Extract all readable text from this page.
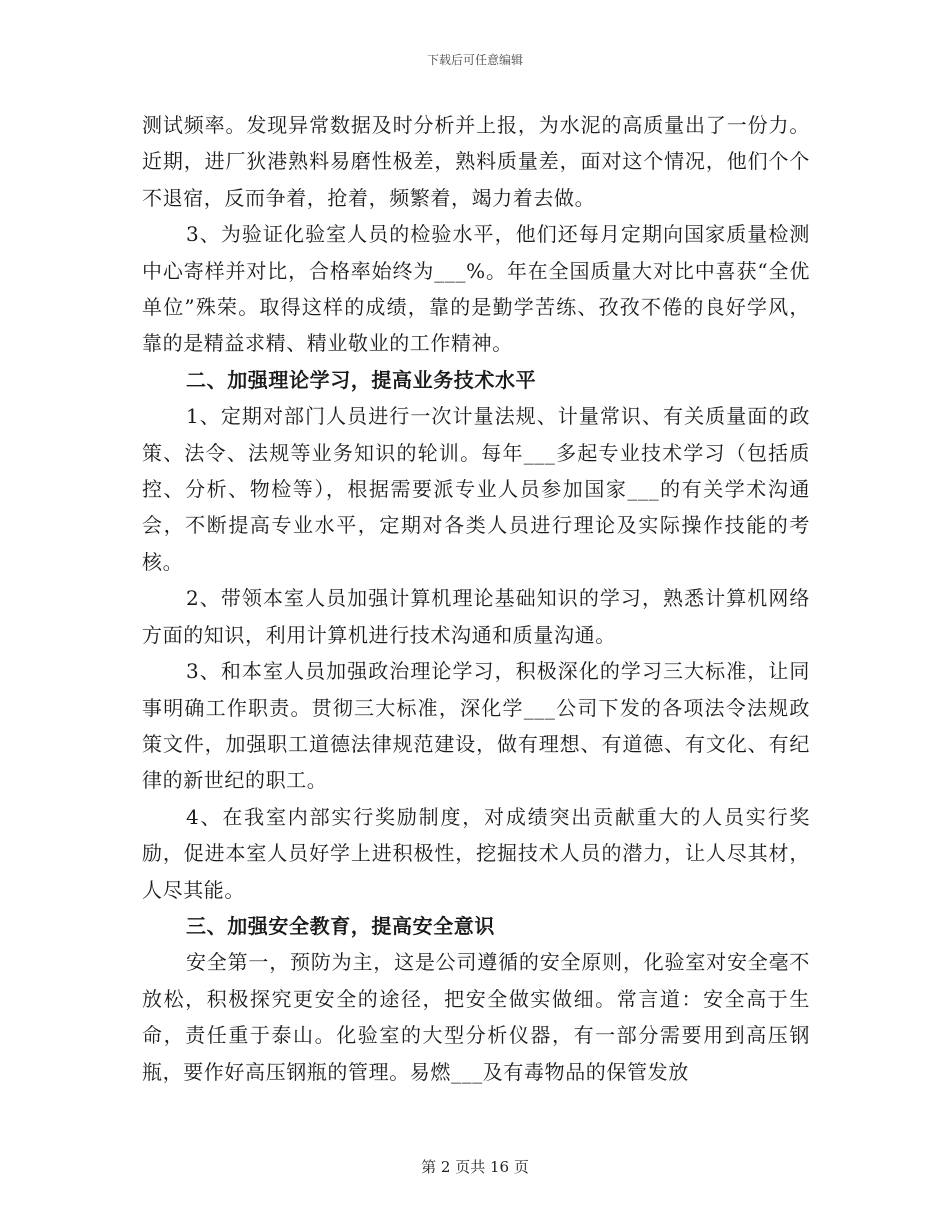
下载后可任意编辑

测试频率。发现异常数据及时分析并上报，为水泥的高质量出了一份力。近期，进厂狄港熟料易磨性极差，熟料质量差，面对这个情况，他们个个不退宿，反而争着，抢着，频繁着，竭力着去做。

3、为验证化验室人员的检验水平，他们还每月定期向国家质量检测中心寄样并对比，合格率始终为___%。年在全国质量大对比中喜获“全优单位”殊荣。取得这样的成绩，靠的是勤学苦练、孜孜不倦的良好学风，靠的是精益求精、精业敬业的工作精神。

二、加强理论学习，提高业务技术水平

1、定期对部门人员进行一次计量法规、计量常识、有关质量面的政策、法令、法规等业务知识的轮训。每年___多起专业技术学习（包括质控、分析、物检等），根据需要派专业人员参加国家___的有关学术沟通会，不断提高专业水平，定期对各类人员进行理论及实际操作技能的考核。

2、带领本室人员加强计算机理论基础知识的学习，熟悉计算机网络方面的知识，利用计算机进行技术沟通和质量沟通。

3、和本室人员加强政治理论学习，积极深化的学习三大标准，让同事明确工作职责。贯彻三大标准，深化学___公司下发的各项法令法规政策文件，加强职工道德法律规范建设，做有理想、有道德、有文化、有纪律的新世纪的职工。

4、在我室内部实行奖励制度，对成绩突出贡献重大的人员实行奖励，促进本室人员好学上进积极性，挖掘技术人员的潜力，让人尽其材，人尽其能。

三、加强安全教育，提高安全意识

安全第一，预防为主，这是公司遵循的安全原则，化验室对安全毫不放松，积极探究更安全的途径，把安全做实做细。常言道：安全高于生命，责任重于泰山。化验室的大型分析仪器，有一部分需要用到高压钢瓶，要作好高压钢瓶的管理。易燃___及有毒物品的保管发放

第 2 页共 16 页
